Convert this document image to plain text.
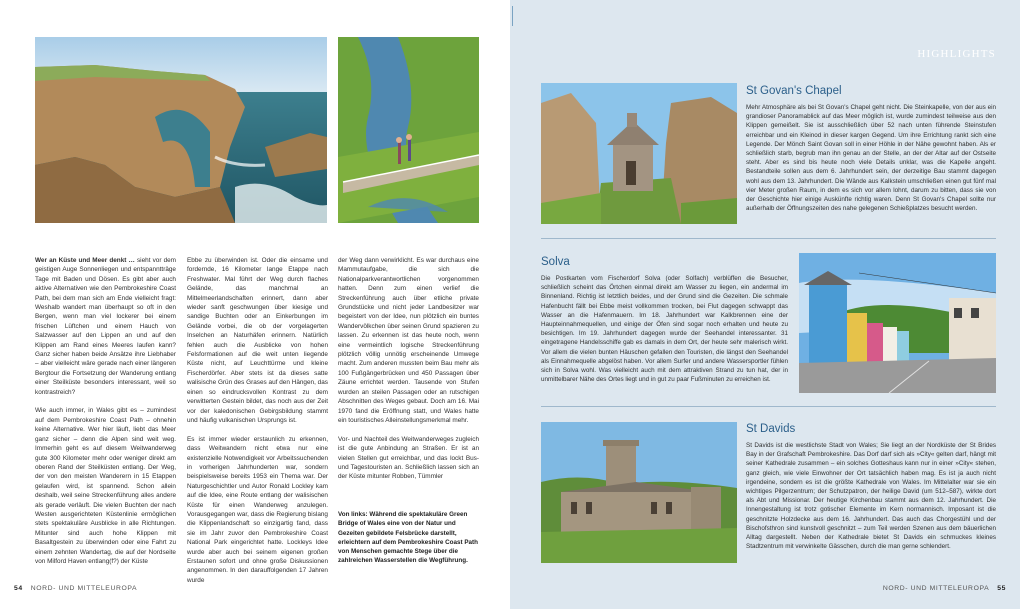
Wer an Küste und Meer denkt … sieht vor dem geistigen Auge Sonnenliegen und entspanntträge Tage mit Baden und Dösen. Es gibt aber auch aktive Alternativen wie den Pembrokeshire Coast Path, bei dem man sich am Ende vielleicht fragt: Weshalb wandert man überhaupt so oft in den Bergen, wenn man viel lockerer bei einem frischen Lüftchen und einem Hauch von Salzwasser auf den Lippen an und auf den Klippen am Rand eines Meeres laufen kann? Ganz sicher haben beide Ansätze ihre Liebhaber – aber vielleicht wäre gerade nach einer längeren Bergtour die Fortsetzung der Wanderung entlang einer Steilküste besonders interessant, weil so kontrastreich?

Wie auch immer, in Wales gibt es – zumindest auf dem Pembrokeshire Coast Path – ohnehin keine Alternative. Wer hier läuft, liebt das Meer ganz sicher – denn die Alpen sind weit weg. Immerhin geht es auf diesem Weitwanderweg gute 300 Kilometer mehr oder weniger direkt am oberen Rand der Steilküsten entlang. Der Weg, der von den meisten Wanderern in 15 Etappen gelaufen wird, ist spannend. Schon allein deshalb, weil seine Streckenführung alles andere als gerade verläuft. Die vielen Buchten der nach Westen ausgerichteten Küstenlinie ermöglichen stets spektakuläre Ausblicke in alle Richtungen. Mitunter sind auch hohe Klippen mit Basaltgestein zu überwinden oder eine Fahrt zu einem zehnten Wandertag, die auf der Nordseite von Milford Haven entlang(f?) der Küste

Ebbe zu überwinden ist. Oder die einsame und fordernde, 16 Kilometer lange Etappe nach Freshwater. Mal führt der Weg durch flaches Gelände, das manchmal an Mittelmeerlandschaften erinnert, dann aber wieder sanft geschwungen über kiesige und sandige Buchten oder an Einkerbungen im Gelände vorbei, die ob der vorgelagerten Inselchen an Naturhäfen erinnern. Natürlich fehlen auch die Ausblicke von hohen Felsformationen auf die weit unten liegende Küste nicht, auf Leuchttürme und kleine Fischerdörfer. Aber stets ist da dieses satte walisische Grün des Grases auf den Hängen, das einen so eindrucksvollen Kontrast zu dem verwitterten Gestein bildet, das noch aus der Zeit vor der kaledonischen Gebirgsbildung stammt und häufig vulkanischen Ursprungs ist.

Es ist immer wieder erstaunlich zu erkennen, dass Weitwandern nicht etwa nur eine existenzielle Notwendigkeit vor Arbeitssuchenden in vorherigen Jahrhunderten war, sondern beispielsweise bereits 1953 ein Thema war. Der Naturgeschichtler und Autor Ronald Lockley kam auf die Idee, eine Route entlang der walisischen Küste für einen Wanderweg anzulegen. Vorausgegangen war, dass die Regierung bislang die Klippenlandschaft so einzigartig fand, dass sie im Jahr zuvor den Pembrokeshire Coast National Park eingerichtet hatte. Lockleys Idee wurde aber auch bei seinem eigenen großen Erstaunen sofort und ohne große Diskussionen angenommen. In den darauffolgenden 17 Jahren wurde

der Weg dann verwirklicht. Es war durchaus eine Mammutaufgabe, die sich die Nationalparkverantwortlichen vorgenommen hatten. Denn zum einen verlief die Streckenführung auch über etliche private Grundstücke und nicht jeder Landbesitzer war begeistert von der Idee, nun plötzlich ein buntes Wandervölkchen über seinen Grund spazieren zu lassen. Zu erkennen ist das heute noch, wenn eine vermeintlich logische Streckenführung plötzlich völlig unnötig erscheinende Umwege macht. Zum anderen mussten beim Bau mehr als 100 Fußgängerbrücken und 450 Passagen über Zäune errichtet werden. Tausende von Stufen wurden an steilen Passagen oder an rutschigen Abschnitten des Weges gebaut. Doch am 16. Mai 1970 fand die Eröffnung statt, und Wales hatte ein touristisches Alleinstellungsmerkmal mehr.

Vor- und Nachteil des Weitwanderweges zugleich ist die gute Anbindung an Straßen. Er ist an vielen Stellen gut erreichbar, und das lockt Bus- und Tagestouristen an. Schließlich lassen sich an der Küste mitunter Robben, Tümmler

Von links: Während die spektakuläre Green Bridge of Wales eine von der Natur und Gezeiten gebildete Felsbrücke darstellt, erleichtern auf dem Pembrokeshire Coast Path von Menschen gemachte Stege über die zahlreichen Wasserstellen die Wegführung.
54 NORD- UND MITTELEUROPA
HIGHLIGHTS
St Govan's Chapel
Mehr Atmosphäre als bei St Govan's Chapel geht nicht. Die Steinkapelle, von der aus ein grandioser Panoramablick auf das Meer möglich ist, wurde zumindest teilweise aus den Klippen gemeißelt. Sie ist ausschließlich über 52 nach unten führende Steinstufen erreichbar und ein Kleinod in dieser kargen Gegend. Um ihre Errichtung rankt sich eine Legende. Der Mönch Saint Govan soll in einer Höhle in der Nähe gewohnt haben. Als er schließlich starb, begrub man ihn genau an der Stelle, an der der Altar auf der Ostseite steht. Aber es sind bis heute noch viele Details unklar, was die Kapelle angeht. Bestandteile sollen aus dem 6. Jahrhundert sein, der derzeitige Bau stammt dagegen wohl aus dem 13. Jahrhundert. Die Wände aus Kalkstein umschließen einen gut fünf mal vier Meter großen Raum, in dem es sich vor allem lohnt, darum zu bitten, dass sie von der Geschichte hier einige Auskünfte richtig waren. Denn St Govan's Chapel sollte nur außerhalb der Öffnungszeiten des nahe gelegenen Schießplatzes besucht werden.
Solva
Die Postkarten vom Fischerdorf Solva (oder Solfach) verblüffen die Besucher, schließlich scheint das Örtchen einmal direkt am Wasser zu liegen, ein andermal im Binnenland. Richtig ist letztlich beides, und der Grund sind die Gezeiten. Die schmale Hafenbucht fällt bei Ebbe meist vollkommen trocken, bei Flut dagegen schwappt das Wasser an die Hafenmauern. Im 18. Jahrhundert war Kalkbrennen eine der Haupteinnahmequellen, und einige der Öfen sind sogar noch erhalten und heute zu besichtigen. Im 19. Jahrhundert dagegen wurde der Seehandel interessanter. 31 eingetragene Handelsschiffe gab es damals in dem Ort, der heute sehr malerisch wirkt. Vor allem die vielen bunten Häuschen gefallen den Touristen, die längst den Seehandel als Einnahmequelle abgelöst haben. Vor allem Surfer und andere Wassersportler fühlen sich in Solva wohl. Was vielleicht auch mit dem attraktiven Strand zu tun hat, der in unmittelbarer Nähe des Ortes liegt und in gut zu paar Fußminuten zu erreichen ist.
St Davids
St Davids ist die westlichste Stadt von Wales; Sie liegt an der Nordküste der St Brides Bay in der Grafschaft Pembrokeshire. Das Dorf darf sich als »City« gelten darf, hängt mit seiner Kathedrale zusammen – ein solches Gotteshaus kann nur in einer »City« stehen, ganz gleich, wie viele Einwohner der Ort tatsächlich haben mag. Es ist ja auch nicht irgendeine, sondern es ist die größte Kathedrale von Wales. Im Mittelalter war sie ein wichtiges Pilgerzentrum; der Schutzpatron, der heilige David (um 512–587), wirkte dort als Abt und Missionar. Der heutige Kirchenbau stammt aus dem 12. Jahrhundert. Die Innengestaltung ist trotz gotischer Elemente im Kern normannisch. Imposant ist die geschnitzte Holzdecke aus dem 16. Jahrhundert. Das auch das Chorgestühl und der Bischofsthron sind kunstvoll geschnitzt – zum Teil werden Szenen aus dem bäuerlichen Alltag dargestellt. Neben der Kathedrale bietet St Davids ein schmuckes kleines Stadtzentrum mit verwinkelte Gässchen, durch die man gerne schlendert.
NORD- UND MITTELEUROPA 55
